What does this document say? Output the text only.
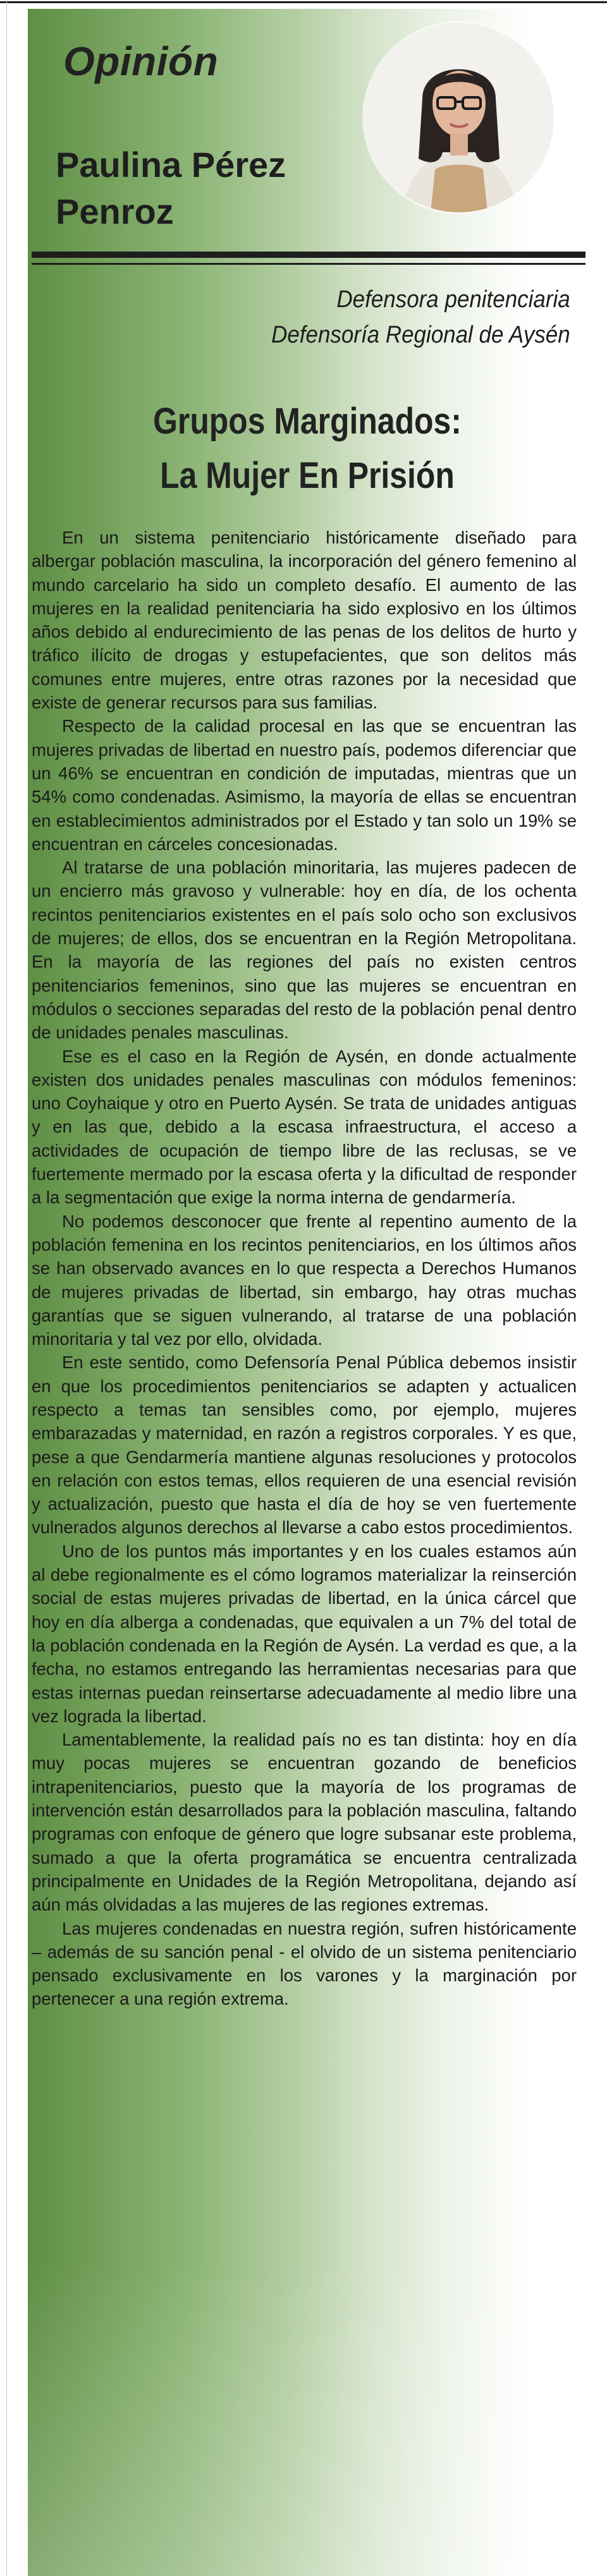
Opinión
Paulina Pérez
Penroz
Defensora penitenciaria
Defensoría Regional de Aysén
Grupos Marginados:
La Mujer En Prisión

En un sistema penitenciario históricamente diseñado para albergar población masculina, la incorporación del género femenino al mundo carcelario ha sido un completo desafío. El aumento de las mujeres en la realidad penitenciaria ha sido explosivo en los últimos años debido al endurecimiento de las penas de los delitos de hurto y tráfico ilícito de drogas y estupefacientes, que son delitos más comunes entre mujeres, entre otras razones por la necesidad que existe de generar recursos para sus familias.

Respecto de la calidad procesal en las que se encuentran las mujeres privadas de libertad en nuestro país, podemos diferenciar que un 46% se encuentran en condición de imputadas, mientras que un 54% como condenadas. Asimismo, la mayoría de ellas se encuentran en establecimientos administrados por el Estado y tan solo un 19% se encuentran en cárceles concesionadas.

Al tratarse de una población minoritaria, las mujeres padecen de un encierro más gravoso y vulnerable: hoy en día, de los ochenta recintos penitenciarios existentes en el país solo ocho son exclusivos de mujeres; de ellos, dos se encuentran en la Región Metropolitana. En la mayoría de las regiones del país no existen centros penitenciarios femeninos, sino que las mujeres se encuentran en módulos o secciones separadas del resto de la población penal dentro de unidades penales masculinas.

Ese es el caso en la Región de Aysén, en donde actualmente existen dos unidades penales masculinas con módulos femeninos: uno Coyhaique y otro en Puerto Aysén. Se trata de unidades antiguas y en las que, debido a la escasa infraestructura, el acceso a actividades de ocupación de tiempo libre de las reclusas, se ve fuertemente mermado por la escasa oferta y la dificultad de responder a la segmentación que exige la norma interna de gendarmería.

No podemos desconocer que frente al repentino aumento de la población femenina en los recintos penitenciarios, en los últimos años se han observado avances en lo que respecta a Derechos Humanos de mujeres privadas de libertad, sin embargo, hay otras muchas garantías que se siguen vulnerando, al tratarse de una población minoritaria y tal vez por ello, olvidada.

En este sentido, como Defensoría Penal Pública debemos insistir en que los procedimientos penitenciarios se adapten y actualicen respecto a temas tan sensibles como, por ejemplo, mujeres embarazadas y maternidad, en razón a registros corporales. Y es que, pese a que Gendarmería mantiene algunas resoluciones y protocolos en relación con estos temas, ellos requieren de una esencial revisión y actualización, puesto que hasta el día de hoy se ven fuertemente vulnerados algunos derechos al llevarse a cabo estos procedimientos.

Uno de los puntos más importantes y en los cuales estamos aún al debe regionalmente es el cómo logramos materializar la reinserción social de estas mujeres privadas de libertad, en la única cárcel que hoy en día alberga a condenadas, que equivalen a un 7% del total de la población condenada en la Región de Aysén. La verdad es que, a la fecha, no estamos entregando las herramientas necesarias para que estas internas puedan reinsertarse adecuadamente al medio libre una vez lograda la libertad.

Lamentablemente, la realidad país no es tan distinta: hoy en día muy pocas mujeres se encuentran gozando de beneficios intrapenitenciarios, puesto que la mayoría de los programas de intervención están desarrollados para la población masculina, faltando programas con enfoque de género que logre subsanar este problema, sumado a que la oferta programática se encuentra centralizada principalmente en Unidades de la Región Metropolitana, dejando así aún más olvidadas a las mujeres de las regiones extremas.

Las mujeres condenadas en nuestra región, sufren históricamente – además de su sanción penal - el olvido de un sistema penitenciario pensado exclusivamente en los varones y la marginación por pertenecer a una región extrema.
